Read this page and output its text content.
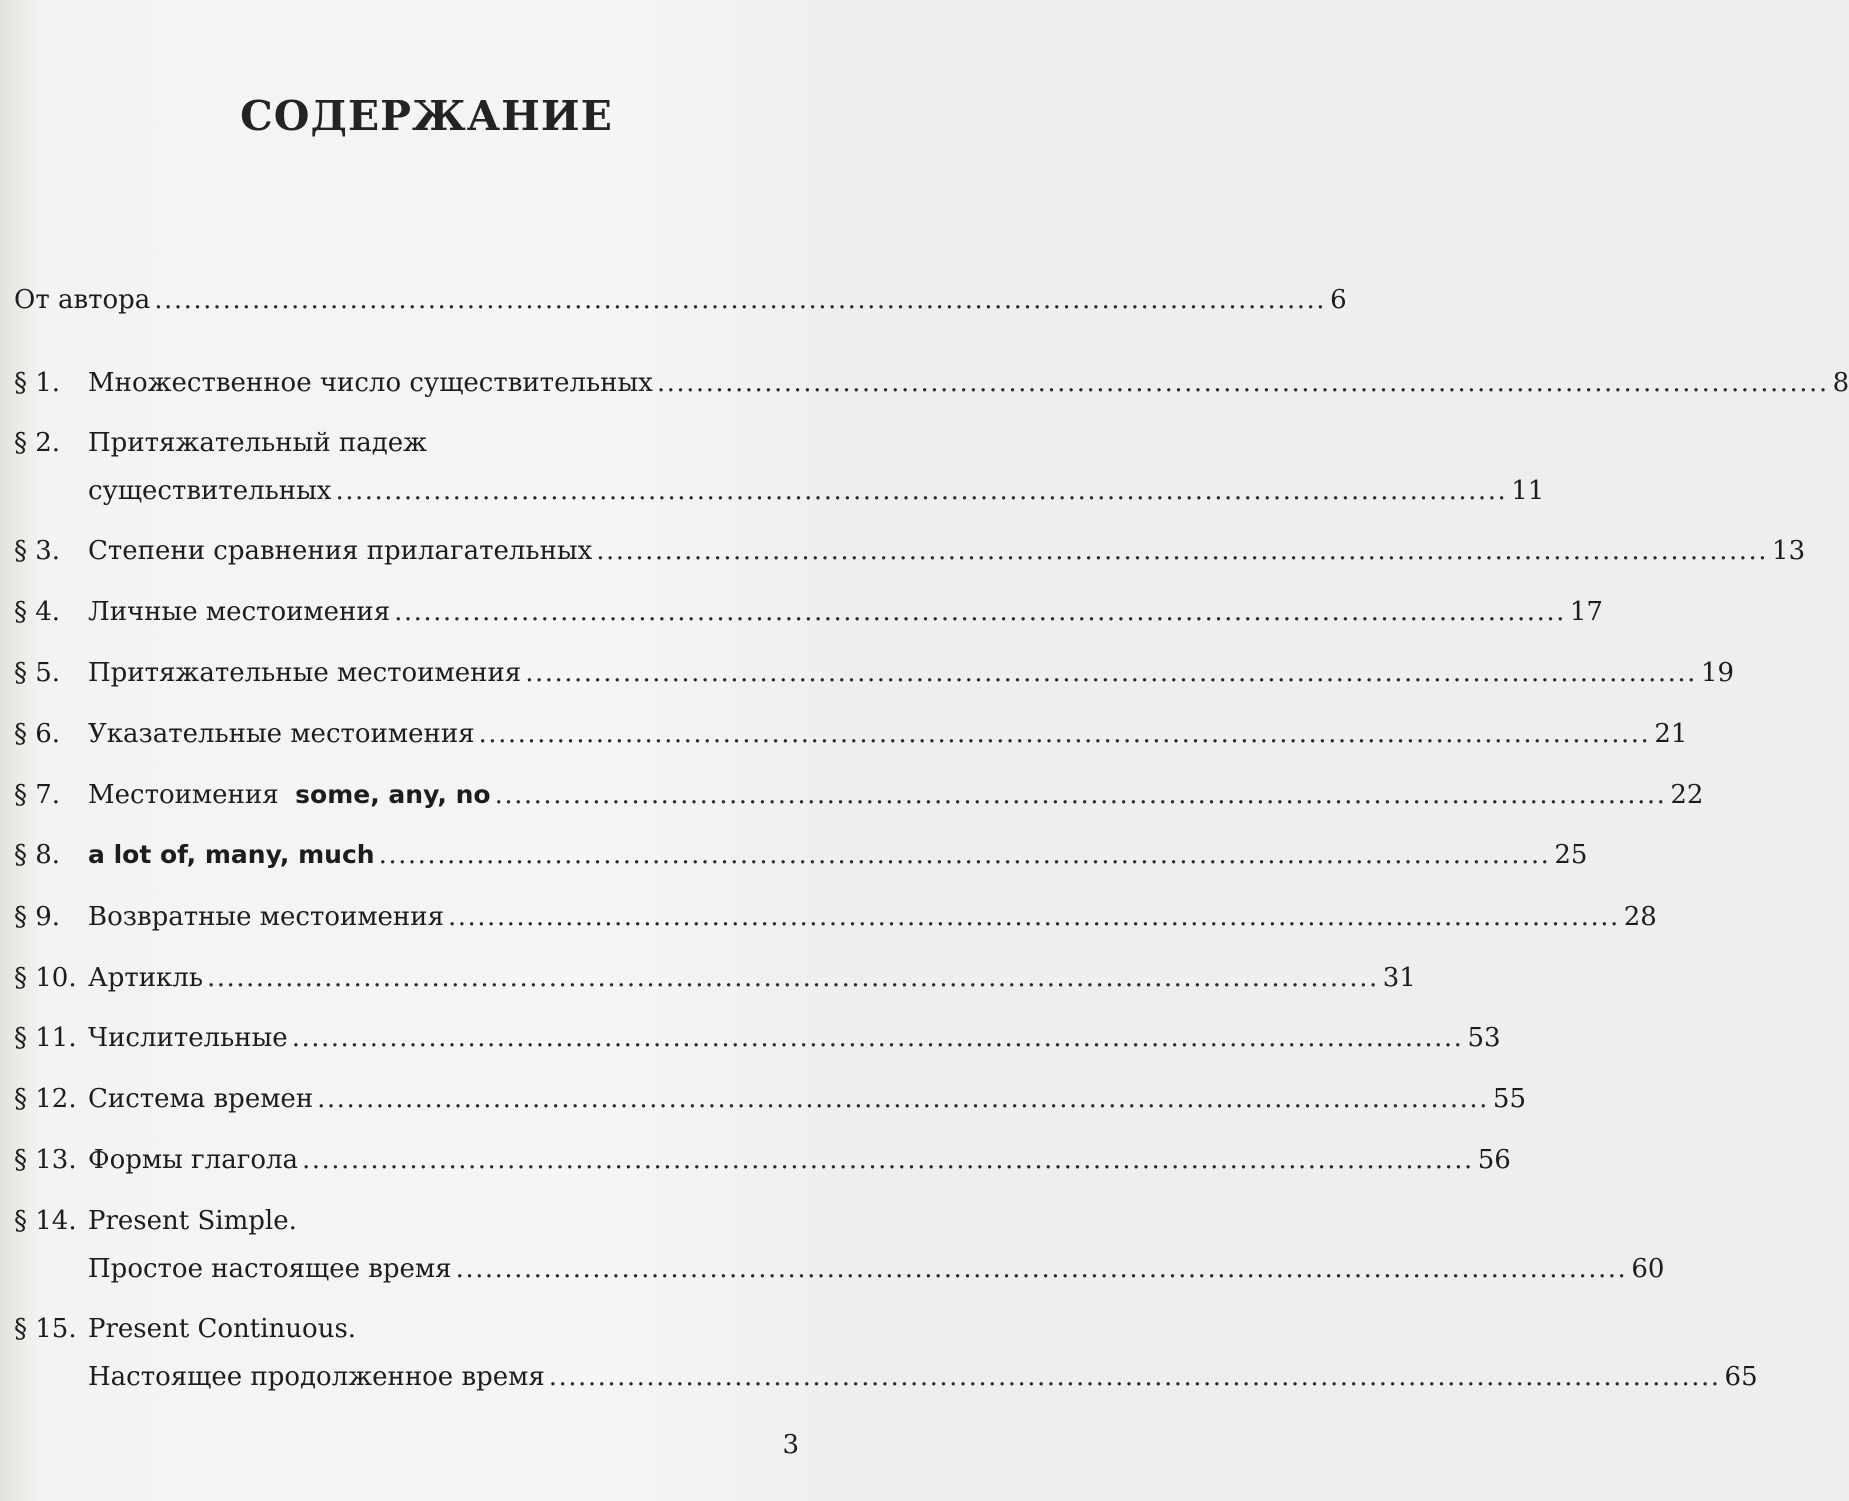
СОДЕРЖАНИЕ
От автора ........................................................................................................................ 6
§ 1.	Множественное число существительных ........................................................................................................................ 8
§ 2.	Притяжательный падеж
существительных ........................................................................................................................ 11
§ 3.	Степени сравнения прилагательных ........................................................................................................................ 13
§ 4.	Личные местоимения ........................................................................................................................ 17
§ 5.	Притяжательные местоимения ........................................................................................................................ 19
§ 6.	Указательные местоимения ........................................................................................................................ 21
§ 7.	Местоимения some, any, no ........................................................................................................................ 22
§ 8.	a lot of, many, much ........................................................................................................................ 25
§ 9.	Возвратные местоимения ........................................................................................................................ 28
§ 10. Артикль ........................................................................................................................ 31
§ 11. Числительные ........................................................................................................................ 53
§ 12. Система времен ........................................................................................................................ 55
§ 13. Формы глагола ........................................................................................................................ 56
§ 14. Present Simple.
Простое настоящее время ........................................................................................................................ 60
§ 15. Present Continuous.
Настоящее продолженное время ........................................................................................................................ 65
3
